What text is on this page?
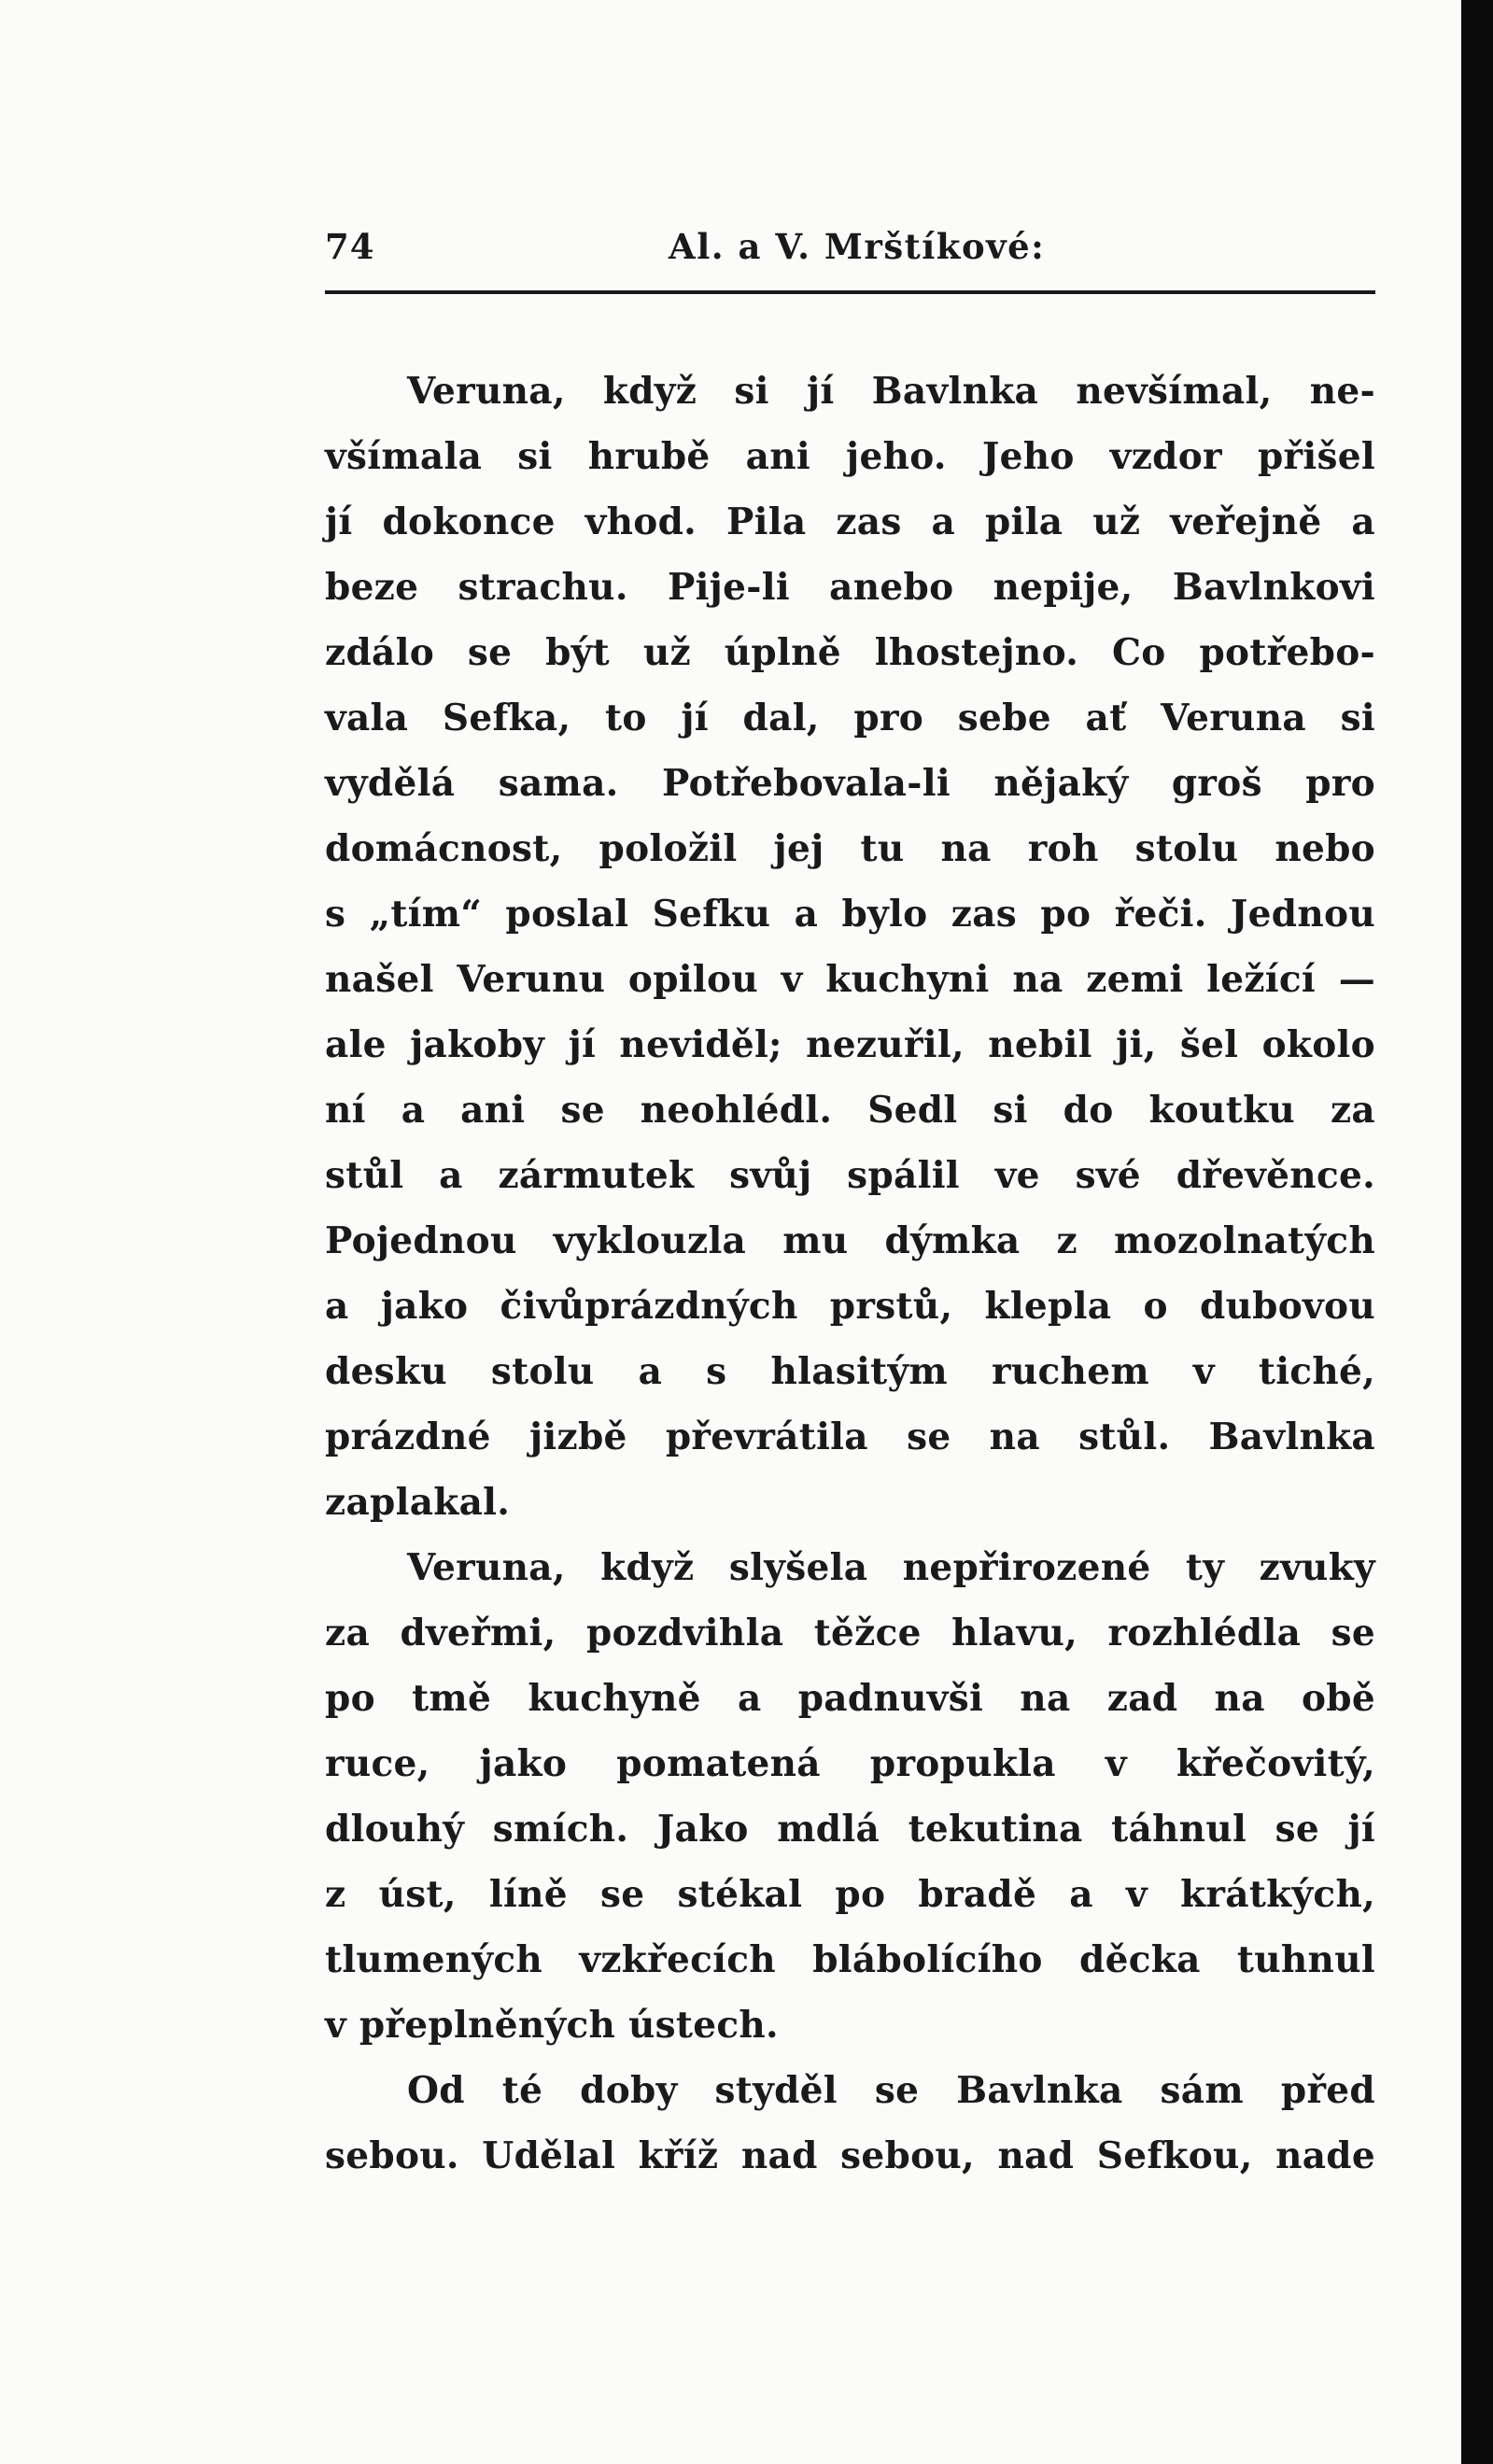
74	Al. a V. Mrštíkové:
Veruna, když si jí Bavlnka nevšímal, ne-
všímala si hrubě ani jeho. Jeho vzdor přišel
jí dokonce vhod. Pila zas a pila už veřejně a
beze strachu. Pije-li anebo nepije, Bavlnkovi
zdálo se být už úplně lhostejno. Co potřebo-
vala Sefka, to jí dal, pro sebe ať Veruna si
vydělá sama. Potřebovala-li nějaký groš pro
domácnost, položil jej tu na roh stolu nebo
s „tím“ poslal Sefku a bylo zas po řeči. Jednou
našel Verunu opilou v kuchyni na zemi ležící —
ale jakoby jí neviděl; nezuřil, nebil ji, šel okolo
ní a ani se neohlédl. Sedl si do koutku za
stůl a zármutek svůj spálil ve své dřevěnce.
Pojednou vyklouzla mu dýmka z mozolnatých
a jako čivůprázdných prstů, klepla o dubovou
desku stolu a s hlasitým ruchem v tiché,
prázdné jizbě převrátila se na stůl. Bavlnka
zaplakal.
Veruna, když slyšela nepřirozené ty zvuky
za dveřmi, pozdvihla těžce hlavu, rozhlédla se
po tmě kuchyně a padnuvši na zad na obě
ruce, jako pomatená propukla v křečovitý,
dlouhý smích. Jako mdlá tekutina táhnul se jí
z úst, líně se stékal po bradě a v krátkých,
tlumených vzkřecích blábolícího děcka tuhnul
v přeplněných ústech.
Od té doby styděl se Bavlnka sám před
sebou. Udělal kříž nad sebou, nad Sefkou, nade
